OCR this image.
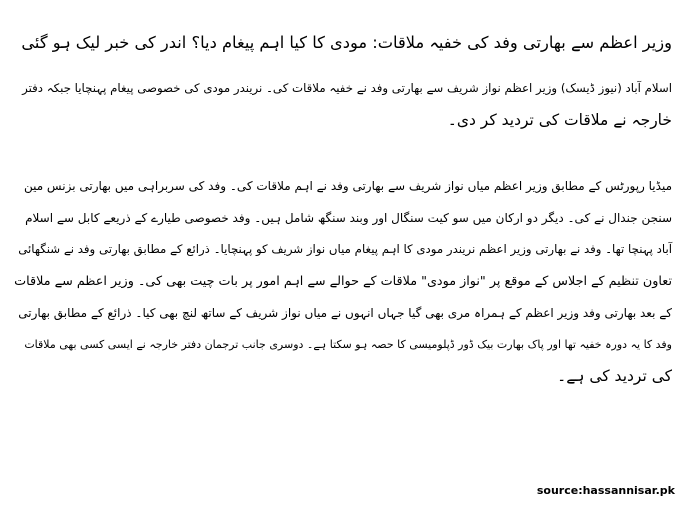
وزیر اعظم سے بھارتی وفد کی خفیہ ملاقات: مودی کا کیا اہم پیغام دیا؟ اندر کی خبر لیک ہو گئی
اسلام آباد (نیوز ڈیسک) وزیر اعظم نواز شریف سے بھارتی وفد نے خفیہ ملاقات کی۔ نریندر مودی کی خصوصی پیغام پہنچایا جبکہ دفتر
خارجہ نے ملاقات کی تردید کر دی۔
میڈیا رپورٹس کے مطابق وزیر اعظم میاں نواز شریف سے بھارتی وفد نے اہم ملاقات کی۔ وفد کی سربراہی میں بھارتی بزنس مین
سنجن جندال نے کی۔ دیگر دو ارکان میں سو کیت سنگال اور وبند سنگھ شامل ہیں۔ وفد خصوصی طیارے کے ذریعے کابل سے اسلام
آباد پہنچا تھا۔ وفد نے بھارتی وزیر اعظم نریندر مودی کا اہم پیغام میاں نواز شریف کو پہنچایا۔ ذرائع کے مطابق بھارتی وفد نے شنگھائی
تعاون تنظیم کے اجلاس کے موقع پر "نواز مودی" ملاقات کے حوالے سے اہم امور پر بات چیت بھی کی۔ وزیر اعظم سے ملاقات
کے بعد بھارتی وفد وزیر اعظم کے ہمراہ مری بھی گیا جہاں انہوں نے میاں نواز شریف کے ساتھ لنچ بھی کیا۔ ذرائع کے مطابق بھارتی
وفد کا یہ دورہ خفیہ تھا اور پاک بھارت بیک ڈور ڈپلومیسی کا حصہ ہو سکتا ہے۔ دوسری جانب ترجمان دفتر خارجہ نے ایسی کسی بھی ملاقات
کی تردید کی ہے۔
source:hassannisar.pk
